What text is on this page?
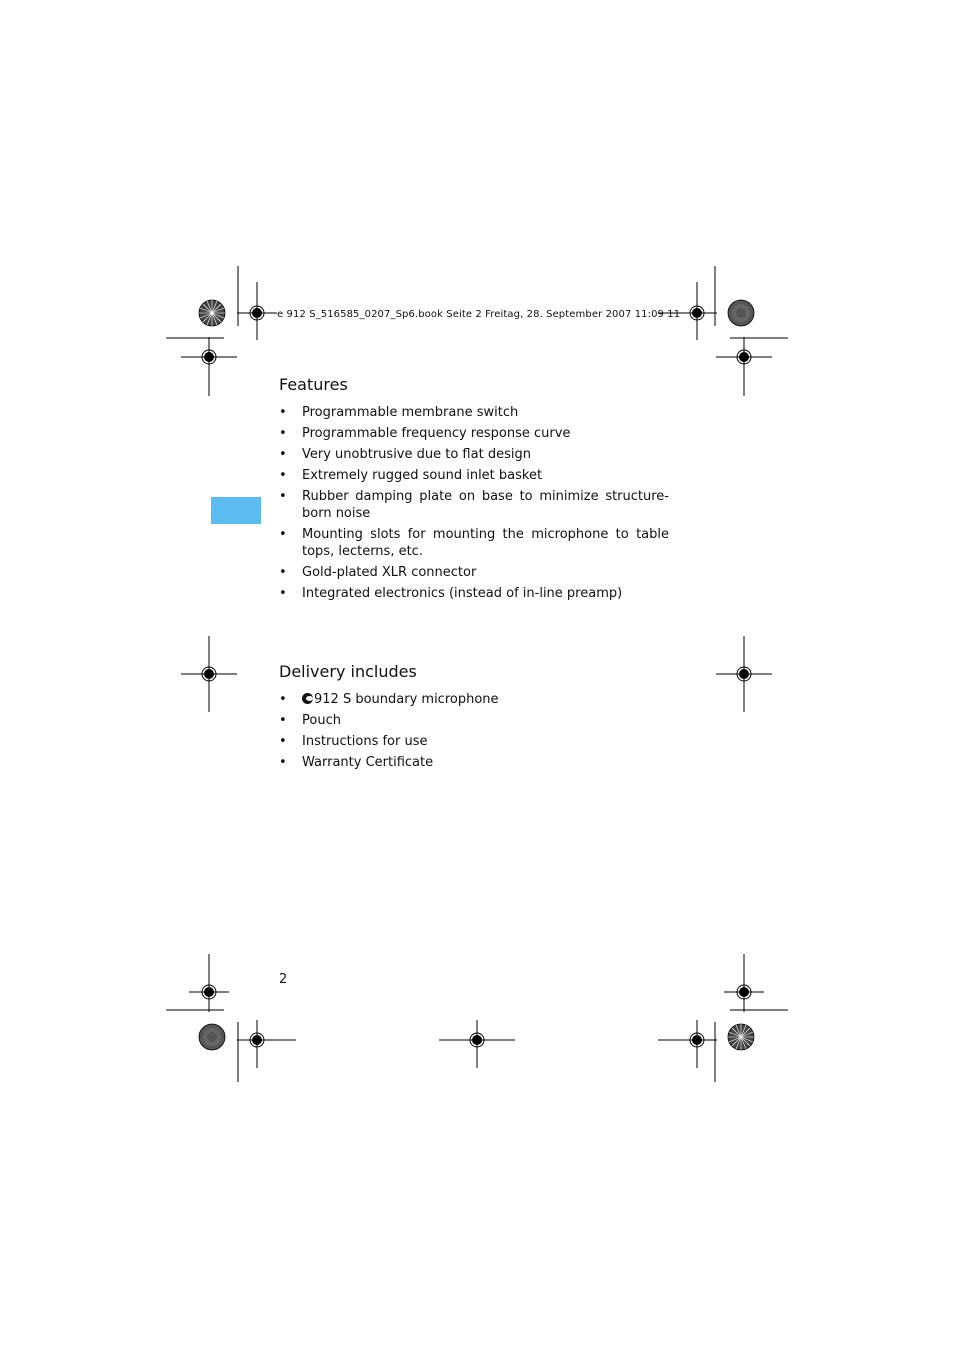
e 912 S_516585_0207_Sp6.book Seite 2 Freitag, 28. September 2007 11:09 11
Features
• Programmable membrane switch
• Programmable frequency response curve
• Very unobtrusive due to flat design
• Extremely rugged sound inlet basket
• Rubber damping plate on base to minimize structure-born noise
• Mounting slots for mounting the microphone to table tops, lecterns, etc.
• Gold-plated XLR connector
• Integrated electronics (instead of in-line preamp)
Delivery includes
• 912 S boundary microphone
• Pouch
• Instructions for use
• Warranty Certificate
2
